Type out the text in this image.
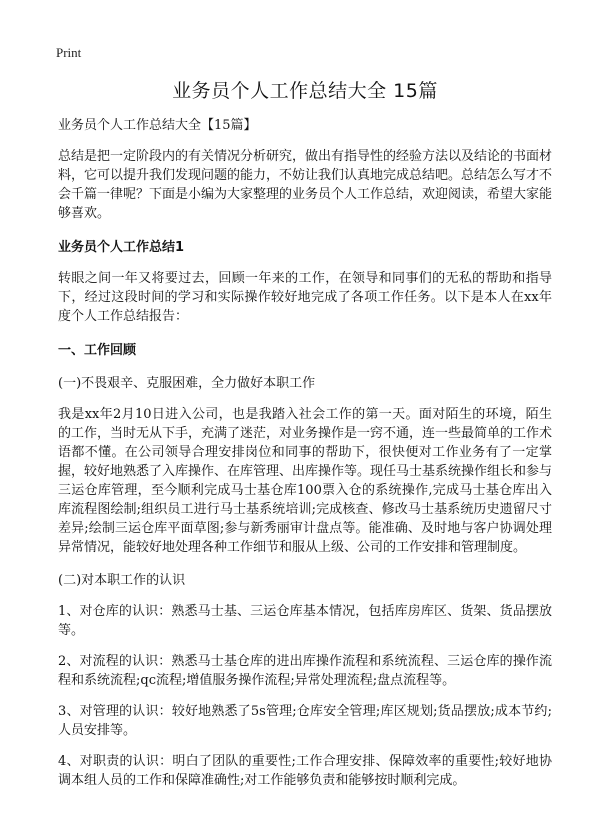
Print
业务员个人工作总结大全 15篇
业务员个人工作总结大全【15篇】

总结是把一定阶段内的有关情况分析研究，做出有指导性的经验方法以及结论的书面材料，它可以提升我们发现问题的能力，不妨让我们认真地完成总结吧。总结怎么写才不会千篇一律呢？下面是小编为大家整理的业务员个人工作总结，欢迎阅读，希望大家能够喜欢。

业务员个人工作总结1

转眼之间一年又将要过去，回顾一年来的工作，在领导和同事们的无私的帮助和指导下，经过这段时间的学习和实际操作较好地完成了各项工作任务。以下是本人在xx年度个人工作总结报告：

一、工作回顾
(一)不畏艰辛、克服困难，全力做好本职工作

我是xx年2月10日进入公司，也是我踏入社会工作的第一天。面对陌生的环境，陌生的工作，当时无从下手，充满了迷茫，对业务操作是一窍不通，连一些最简单的工作术语都不懂。在公司领导合理安排岗位和同事的帮助下，很快便对工作业务有了一定掌握，较好地熟悉了入库操作、在库管理、出库操作等。现任马士基系统操作组长和参与三运仓库管理，至今顺利完成马士基仓库100票入仓的系统操作,完成马士基仓库出入库流程图绘制;组织员工进行马士基系统培训;完成核查、修改马士基系统历史遗留尺寸差异;绘制三运仓库平面草图;参与新秀丽审计盘点等。能准确、及时地与客户协调处理异常情况，能较好地处理各种工作细节和服从上级、公司的工作安排和管理制度。

(二)对本职工作的认识

1、对仓库的认识：熟悉马士基、三运仓库基本情况，包括库房库区、货架、货品摆放等。

2、对流程的认识：熟悉马士基仓库的进出库操作流程和系统流程、三运仓库的操作流程和系统流程;qc流程;增值服务操作流程;异常处理流程;盘点流程等。

3、对管理的认识：较好地熟悉了5s管理;仓库安全管理;库区规划;货品摆放;成本节约;人员安排等。

4、对职责的认识：明白了团队的重要性;工作合理安排、保障效率的重要性;较好地协调本组人员的工作和保障准确性;对工作能够负责和能够按时顺利完成。
